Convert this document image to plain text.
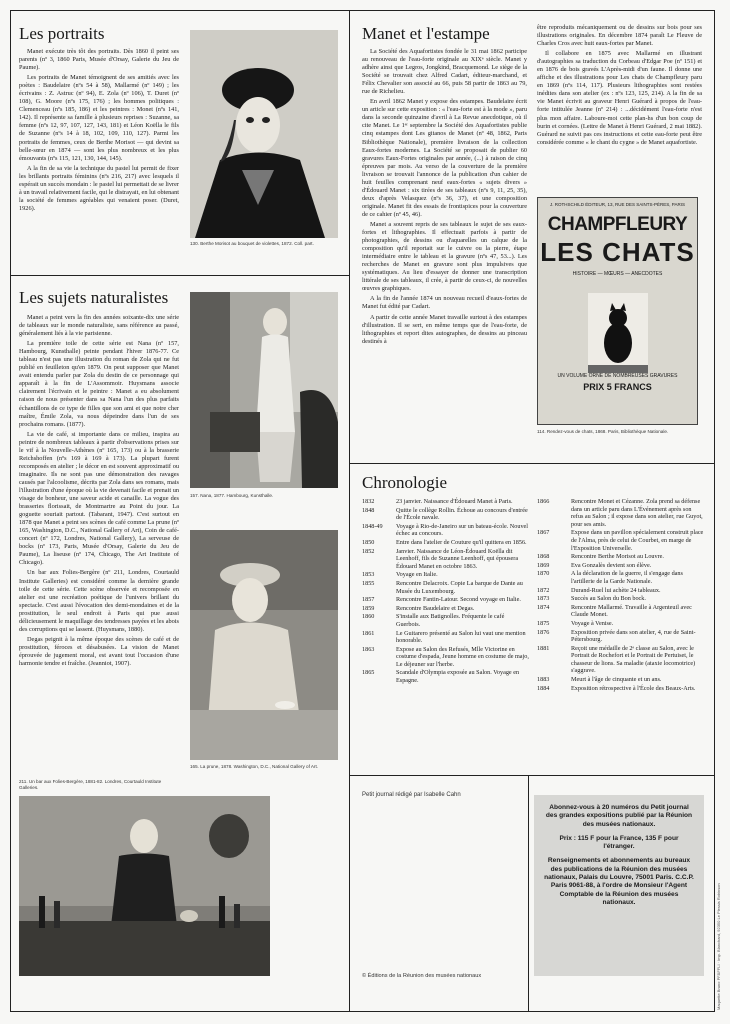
Les portraits

Manet exécute très tôt des portraits. Dès 1860 il peint ses parents (nº 3, 1860 Paris, Musée d'Orsay, Galerie du Jeu de Paume).

Les portraits de Manet témoignent de ses amitiés avec les poètes : Baudelaire (nºs 54 à 58), Mallarmé (nº 149) ; les écrivains : Z. Astruc (nº 94), E. Zola (nº 106), T. Duret (nº 108), G. Moore (nºs 175, 176) ; les hommes politiques : Clemenceau (nºs 185, 186) et les peintres : Monet (nºs 141, 142). Il représente sa famille à plusieurs reprises : Suzanne, sa femme (nºs 12, 97, 107, 127, 143, 181) et Léon Koëlla le fils de Suzanne (nºs 14 à 18, 102, 109, 110, 127). Parmi les portraits de femmes, ceux de Berthe Morisot — qui devint sa belle-sœur en 1874 — sont les plus nombreux et les plus émouvants (nºs 115, 121, 130, 144, 145).

A la fin de sa vie la technique du pastel lui permit de fixer les brillants portraits féminins (nºs 216, 217) avec lesquels il espérait un succès mondain : le pastel lui permettait de se livrer à un travail relativement facile, qui le distrayait, en lui obtenant la société de femmes agréables qui venaient poser. (Duret, 1926).

130. Berthe Morisot au bouquet de violettes, 1872. Coll. part.
Les sujets naturalistes

Manet a peint vers la fin des années soixante-dix une série de tableaux sur le monde naturaliste, sans référence au passé, généralement liés à la vie parisienne.

La première toile de cette série est Nana (nº 157, Hambourg, Kunsthalle) peinte pendant l'hiver 1876-77. Ce tableau n'est pas une illustration du roman de Zola qui ne fut publié en feuilleton qu'en 1879. On peut supposer que Manet avait entendu parler par Zola du destin de ce personnage qui apparaît à la fin de L'Assommoir. Huysmans associe clairement l'écrivain et le peintre : Manet a eu absolument raison de nous présenter dans sa Nana l'un des plus parfaits échantillons de ce type de filles que son ami et que notre cher maître, Émile Zola, va nous dépeindre dans l'un de ses prochains romans. (1877).

La vie de café, si importante dans ce milieu, inspira au peintre de nombreux tableaux à partir d'observations prises sur le vif à la Nouvelle-Athènes (nº 165, 173) ou à la brasserie Reichshoffen (nºs 169 à 169 à 173). La plupart furent recomposés en atelier ; le décor en est souvent approximatif ou imaginaire. Ils ne sont pas une démonstration des ravages causés par l'alcoolisme, décrits par Zola dans ses romans, mais l'illustration d'une époque où la vie devenait facile et prenait un visage de bonheur, une saveur acide et canaille. La vogue des brasseries florissait, de Montmartre au Point du jour. La goguette souriait partout. (Tabarant, 1947). C'est surtout en 1878 que Manet a peint ses scènes de café comme La prune (nº 165, Washington, D.C., National Gallery of Art), Coin de café-concert (nº 172, Londres, National Gallery), La serveuse de bocks (nº 173, Paris, Musée d'Orsay, Galerie du Jeu de Paume), La liseuse (nº 174, Chicago, The Art Institute of Chicago).

Un bar aux Folies-Bergère (nº 211, Londres, Courtauld Institute Galleries) est considéré comme la dernière grande toile de cette série. Cette scène observée et recomposée en atelier est une recréation poétique de l'univers brillant du spectacle. C'est aussi l'évocation des demi-mondaines et de la prostitution, le seul endroit à Paris qui pue aussi délicieusement le maquillage des tendresses payées et les abois des corruptions qui se lassent. (Huysmans, 1880).

Degas peignit à la même époque des scènes de café et de prostitution, féroces et désabusées. La vision de Manet éprouvée de jugement moral, est avant tout l'occasion d'une harmonie tendre et fraîche. (Jeanniot, 1907).

157. Nana, 1877. Hambourg, Kunsthalle.
165. La prune, 1878. Washington, D.C., National Gallery of Art.
211. Un bar aux Folies-Bergère, 1881-82. Londres, Courtauld Institute Galleries.
Manet et l'estampe

La Société des Aquafortistes fondée le 31 mai 1862 participe au renouveau de l'eau-forte originale au XIXᵉ siècle. Manet y adhère ainsi que Legros, Jongkind, Bracquemond. Le siège de la Société se trouvait chez Alfred Cadart, éditeur-marchand, et Félix Chevalier son associé au 66, puis 58 partir de 1863 au 79, rue de Richelieu.

En avril 1862 Manet y expose des estampes. Baudelaire écrit un article sur cette exposition : « l'eau-forte est à la mode », paru dans la seconde quinzaine d'avril à La Revue anecdotique, où il cite Manet. Le 1ᵉʳ septembre la Société des Aquafortistes publie cinq estampes dont Les gitanos de Manet (nº 48, 1862, Paris Bibliothèque Nationale), première livraison de la collection Eaux-fortes modernes. La Société se proposait de publier 60 gravures Eaux-Fortes originales par année, (...) à raison de cinq épreuves par mois. Au verso de la couverture de la première livraison se trouvait l'annonce de la publication d'un cahier de huit feuilles comprenant neuf eaux-fortes « sujets divers » d'Édouard Manet : six tirées de ses tableaux (nºs 9, 11, 25, 35), deux d'après Velasquez (nºs 36, 37), et une composition originale. Manet fit des essais de frontispices pour la couverture de ce cahier (nº 45, 46).

Manet a souvent repris de ses tableaux le sujet de ses eaux-fortes et lithographies. Il effectuait parfois à partir de photographies, de dessins ou d'aquarelles un calque de la composition qu'il reportait sur le cuivre ou la pierre, étape intermédiaire entre le tableau et la gravure (nºs 47, 53...). Les recherches de Manet en gravure sont plus impulsives que systématiques. Au lieu d'essayer de donner une transcription littérale de ses tableaux, il crée, à partir de ceux-ci, de nouvelles œuvres graphiques.

A la fin de l'année 1874 un nouveau recueil d'eaux-fortes de Manet fut édité par Cadart.

A partir de cette année Manet travaille surtout à des estampes d'illustration. Il se sert, en même temps que de l'eau-forte, de lithographies et report dites autographes, de dessins au pinceau destinés à

être reproduits mécaniquement ou de dessins sur bois pour ses illustrations originales. En décembre 1874 paraît Le Fleuve de Charles Cros avec huit eaux-fortes par Manet.

Il collabore en 1875 avec Mallarmé en illustrant d'autographies sa traduction du Corbeau d'Edgar Poe (nº 151) et en 1876 de bois gravés L'Après-midi d'un faune. Il donne une affiche et des illustrations pour Les chats de Champfleury paru en 1869 (nºs 114, 117). Plusieurs lithographies sont restées inédites dans son atelier (ex : nºs 123, 125, 214). A la fin de sa vie Manet écrivit au graveur Henri Guérard à propos de l'eau-forte intitulée Jeanne (nº 214) : ...décidément l'eau-forte n'est plus mon affaire. Laboure-moi cette plan-hs d'un bon coup de burin et cornées. (Lettre de Manet à Henri Guérard, 2 mai 1882). Guérard ne suivit pas ces instructions et cette eau-forte peut être considérée comme « le chant du cygne » de Manet aquafortiste.

J. ROTHSCHILD ÉDITEUR, 13, RUE DES SAINTS-PÈRES, PARIS
CHAMPFLEURY
LES CHATS
HISTOIRE — MŒURS — ANECDOTES
UN VOLUME ORNÉ DE NOMBREUSES GRAVURES
PRIX 5 FRANCS
114. Rendez-vous de chats, 1868. Paris, Bibliothèque Nationale.
Chronologie
1832	23 janvier. Naissance d'Édouard Manet à Paris.
1848	Quitte le collège Rollin. Échoue au concours d'entrée de l'École navale.
1848-49	Voyage à Rio-de-Janeiro sur un bateau-école. Nouvel échec au concours.
1850	Entre dans l'atelier de Couture qu'il quittera en 1856.
1852	Janvier. Naissance de Léon-Édouard Koëlla dit Leenhoff, fils de Suzanne Leenhoff, qui épousera Édouard Manet en octobre 1863.
1853	Voyage en Italie.
1855	Rencontre Delacroix. Copie La barque de Dante au Musée du Luxembourg.
1857	Rencontre Fantin-Latour. Second voyage en Italie.
1859	Rencontre Baudelaire et Degas.
1860	S'installe aux Batignolles. Fréquente le café Guerbois.
1861	Le Guitarero présenté au Salon lui vaut une mention honorable.
1863	Expose au Salon des Refusés, Mlle Victorine en costume d'espada, Jeune homme en costume de majo, Le déjeuner sur l'herbe.
1865	Scandale d'Olympia exposée au Salon. Voyage en Espagne.
1866	Rencontre Monet et Cézanne. Zola prend sa défense dans un article paru dans L'Événement après son refus au Salon ; il expose dans son atelier, rue Guyot, pour ses amis.
1867	Expose dans un pavillon spécialement construit place de l'Alma, près de celui de Courbet, en marge de l'Exposition Universelle.
1868	Rencontre Berthe Morisot au Louvre.
1869	Eva Gonzalès devient son élève.
1870	A la déclaration de la guerre, il s'engage dans l'artillerie de la Garde Nationale.
1872	Durand-Ruel lui achète 24 tableaux.
1873	Succès au Salon du Bon bock.
1874	Rencontre Mallarmé. Travaille à Argenteuil avec Claude Monet.
1875	Voyage à Venise.
1876	Exposition privée dans son atelier, 4, rue de Saint-Pétersbourg.
1881	Reçoit une médaille de 2ᵉ classe au Salon, avec le Portrait de Rochefort et le Portrait de Pertuiset, le chasseur de lions. Sa maladie (ataxie locomotrice) s'aggrave.
1883	Meurt à l'âge de cinquante et un ans.
1884	Exposition rétrospective à l'École des Beaux-Arts.
Petit journal rédigé par Isabelle Cahn
© Éditions de la Réunion des musées nationaux

Abonnez-vous à 20 numéros du Petit journal des grandes expositions publié par la Réunion des musées nationaux.

Prix : 115 F pour la France, 135 F pour l'étranger.

Renseignements et abonnements au bureaux des publications de la Réunion des musées nationaux, Palais du Louvre, 75001 Paris. C.C.P. Paris 9061-88, à l'ordre de Monsieur l'Agent Comptable de la Réunion des musées nationaux.	Maquette Bruno PFÄFFLI · Imp. Blanchard, 92350 Le Plessis Robinson
